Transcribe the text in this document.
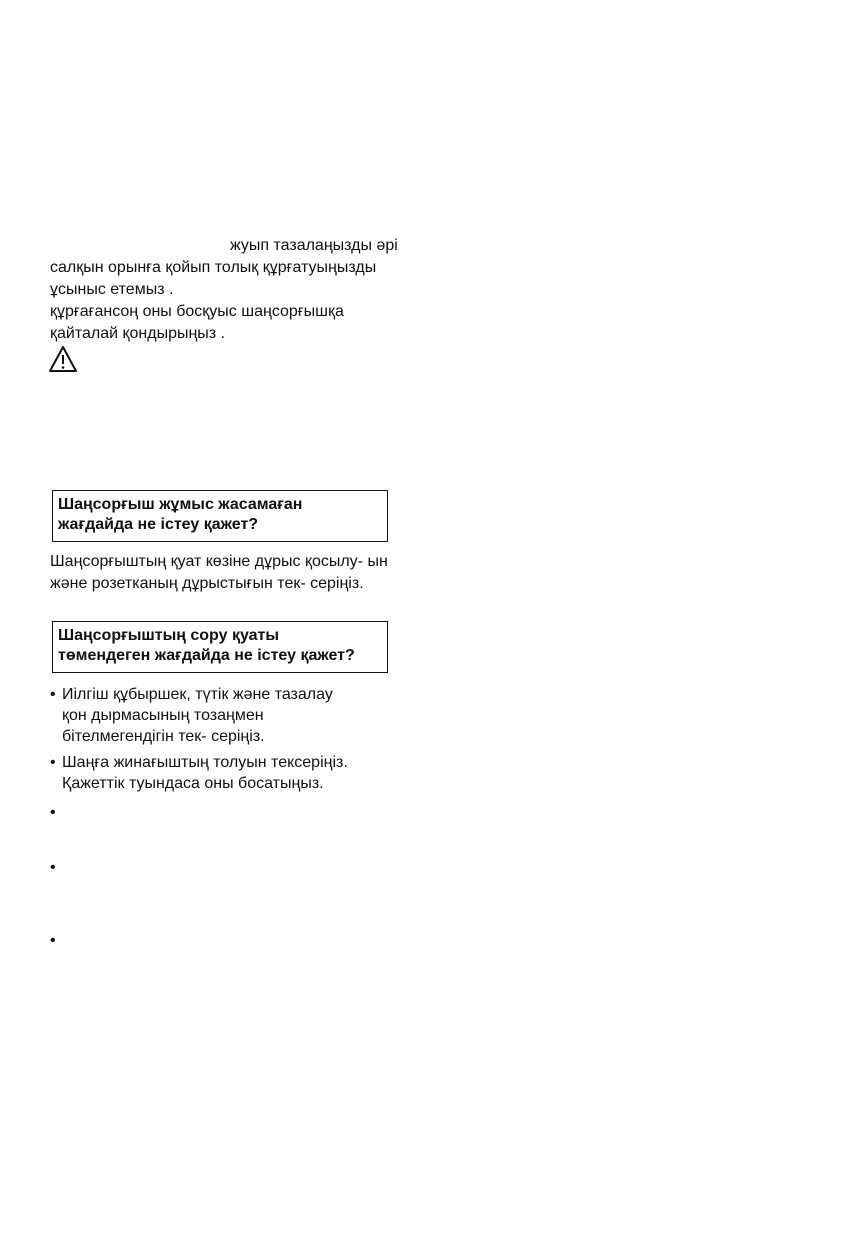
жуып тазалаңызды әрі
салқын орынға қойып толық құрғатуыңызды
ұсыныс етемыз .
құрғағансоң оны босқуыс шаңсорғышқа
қайталай қондырыңыз .
Шаңсорғыш жұмыс жасамаған
жағдайда не істеу қажет?
Шаңсорғыштың қуат көзіне дұрыс қосылу- ын
және розетканың дұрыстығын тек- серіңіз.
Шаңсорғыштың сору қуаты
төмендеген жағдайда не істеу қажет?
• Иілгіш құбыршек, түтік және тазалау
қон дырмасының тозаңмен
бітелмегендігін тек- серіңіз.
• Шаңға жинағыштың толуын тексеріңіз.
Қажеттік туындаса оны босатыңыз.
•
•
•
